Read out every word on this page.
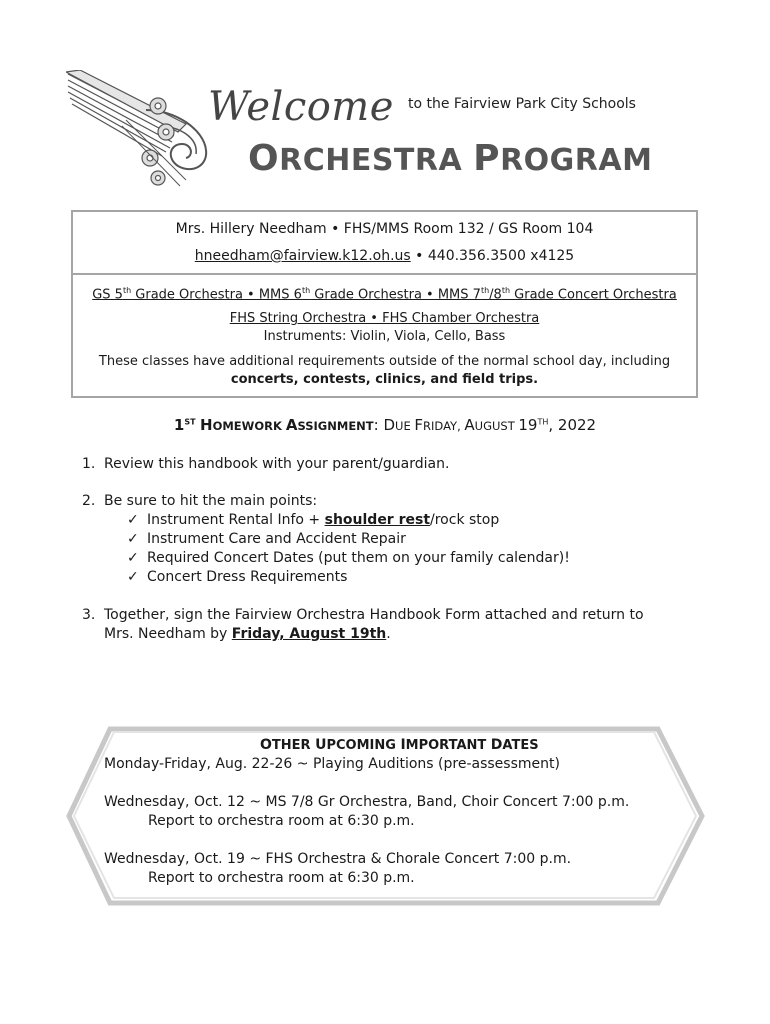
Welcome to the Fairview Park City Schools
ORCHESTRA PROGRAM
Mrs. Hillery Needham • FHS/MMS Room 132 / GS Room 104
hneedham@fairview.k12.oh.us • 440.356.3500 x4125
GS 5th Grade Orchestra • MMS 6th Grade Orchestra • MMS 7th/8th Grade Concert Orchestra
FHS String Orchestra • FHS Chamber Orchestra
Instruments: Violin, Viola, Cello, Bass
These classes have additional requirements outside of the normal school day, including
concerts, contests, clinics, and field trips.
1ST HOMEWORK ASSIGNMENT: DUE FRIDAY, AUGUST 19TH, 2022
1. Review this handbook with your parent/guardian.
2. Be sure to hit the main points:
✓ Instrument Rental Info + shoulder rest/rock stop
✓ Instrument Care and Accident Repair
✓ Required Concert Dates (put them on your family calendar)!
✓ Concert Dress Requirements
3. Together, sign the Fairview Orchestra Handbook Form attached and return to
Mrs. Needham by Friday, August 19th.
OTHER UPCOMING IMPORTANT DATES
Monday-Friday, Aug. 22-26 ~ Playing Auditions (pre-assessment)
Wednesday, Oct. 12 ~ MS 7/8 Gr Orchestra, Band, Choir Concert 7:00 p.m.
Report to orchestra room at 6:30 p.m.
Wednesday, Oct. 19 ~ FHS Orchestra & Chorale Concert 7:00 p.m.
Report to orchestra room at 6:30 p.m.
